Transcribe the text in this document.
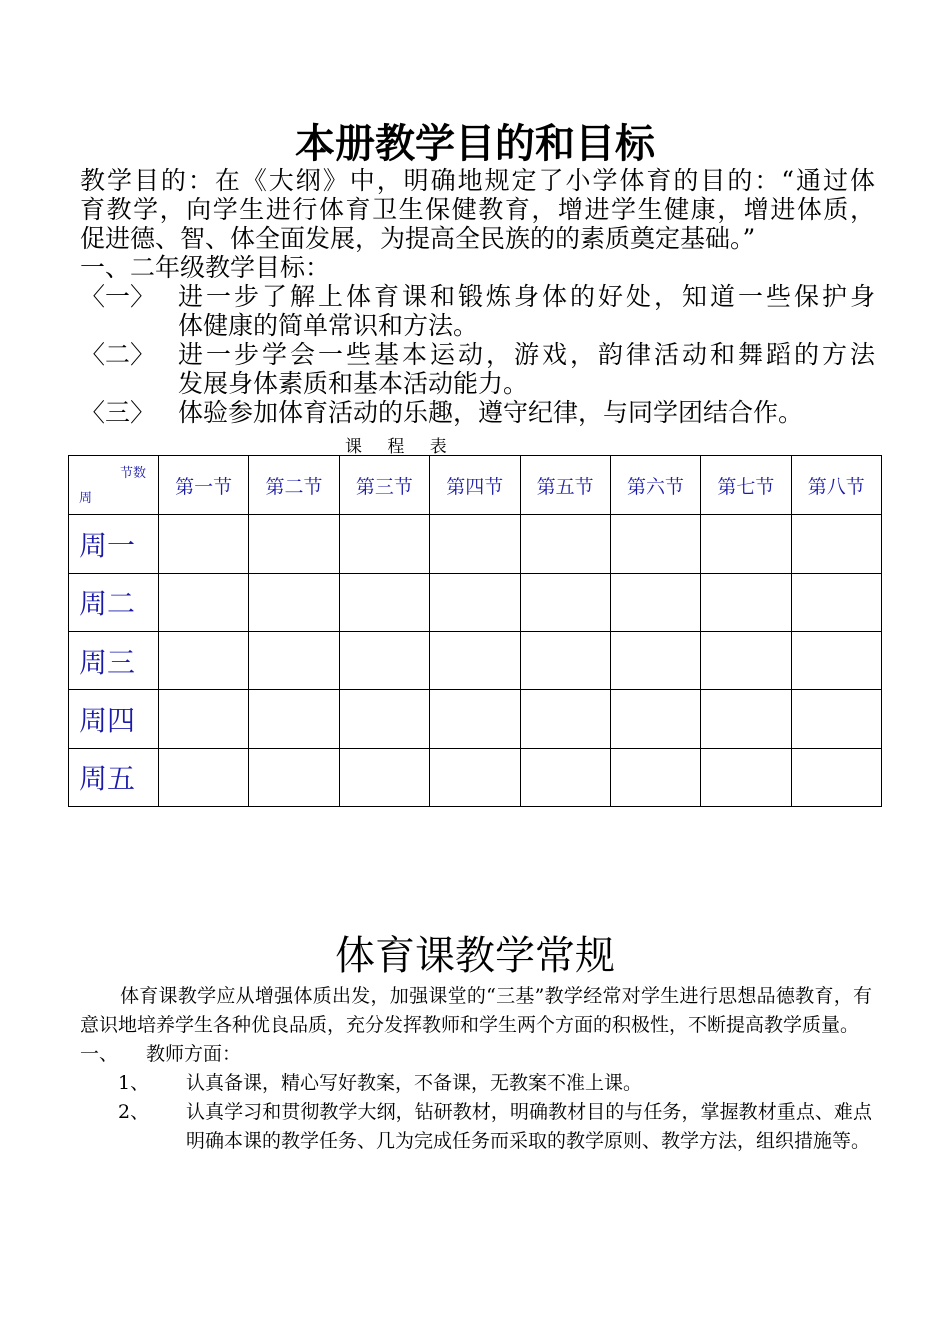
本册教学目的和目标

教学目的：在《大纲》中，明确地规定了小学体育的目的：“通过体

育教学，向学生进行体育卫生保健教育，增进学生健康，增进体质，

促进德、智、体全面发展，为提高全民族的的素质奠定基础。”

一、二年级教学目标：

〈一〉 进一步了解上体育课和锻炼身体的好处，知道一些保护身
体健康的简单常识和方法。
〈二〉 进一步学会一些基本运动，游戏，韵律活动和舞蹈的方法
发展身体素质和基本活动能力。
〈三〉 体验参加体育活动的乐趣，遵守纪律，与同学团结合作。
课 程 表
节数
周	第一节	第二节	第三节	第四节	第五节	第六节	第七节	第八节
周一								
周二								
周三								
周四								
周五								
体育课教学常规

体育课教学应从增强体质出发，加强课堂的“三基”教学经常对学生进行思想品德教育，有意识地培养学生各种优良品质，充分发挥教师和学生两个方面的积极性，不断提高教学质量。

一、	教师方面：
1、	认真备课，精心写好教案，不备课，无教案不准上课。
2、	认真学习和贯彻教学大纲，钻研教材，明确教材目的与任务，掌握教材重点、难点明确本课的教学任务、几为完成任务而采取的教学原则、教学方法，组织措施等。
